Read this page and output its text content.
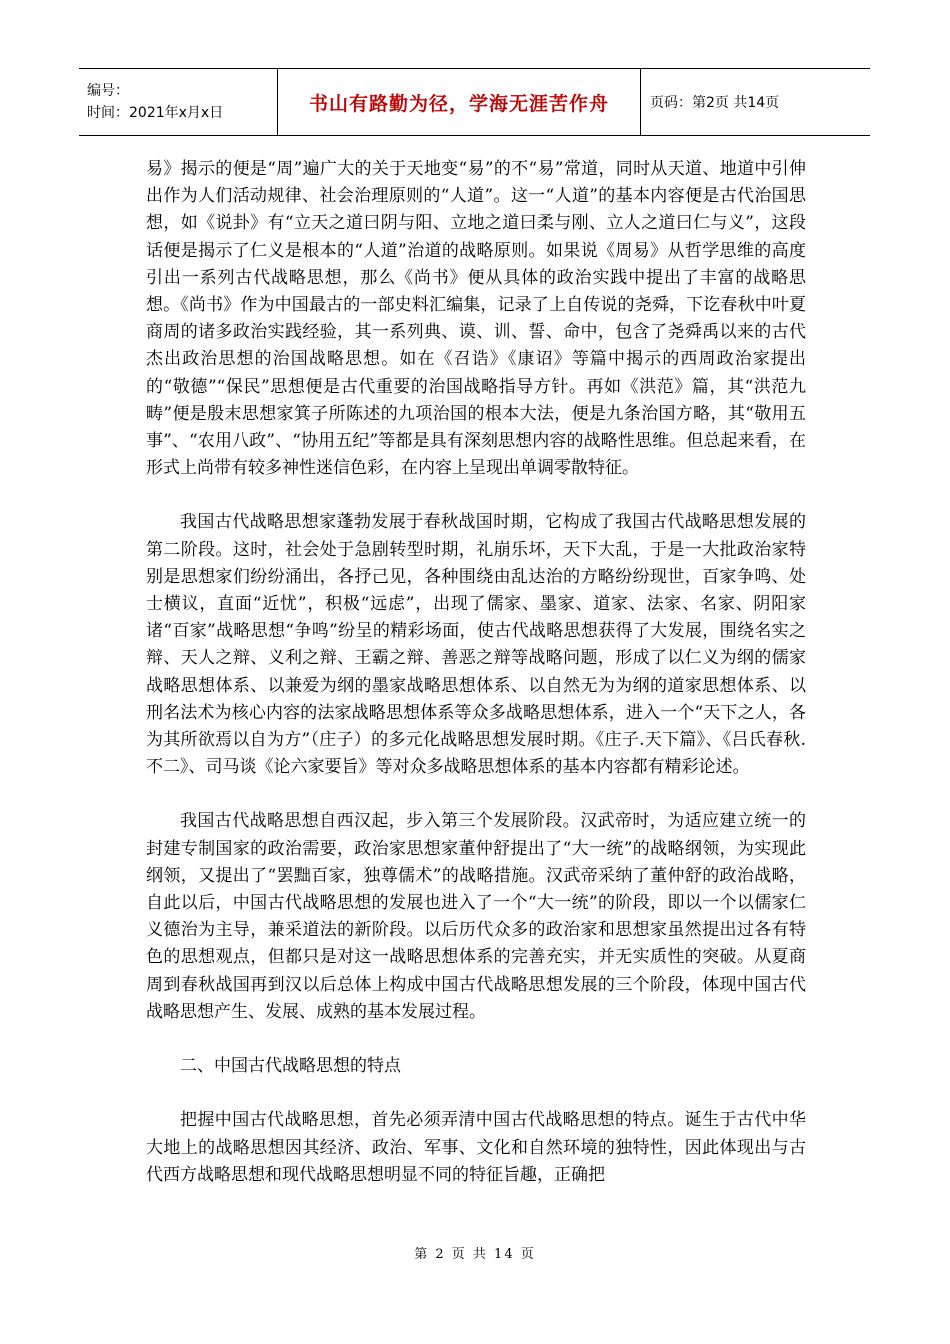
编号：
时间：2021年x月x日	书山有路勤为径，学海无涯苦作舟	页码：第2页 共14页

易》揭示的便是“周”遍广大的关于天地变“易”的不“易”常道，同时从天道、地道中引伸出作为人们活动规律、社会治理原则的“人道”。这一“人道”的基本内容便是古代治国思想，如《说卦》有“立天之道曰阴与阳、立地之道曰柔与刚、立人之道曰仁与义”，这段话便是揭示了仁义是根本的“人道”治道的战略原则。如果说《周易》从哲学思维的高度引出一系列古代战略思想，那么《尚书》便从具体的政治实践中提出了丰富的战略思想。《尚书》作为中国最古的一部史料汇编集，记录了上自传说的尧舜，下讫春秋中叶夏商周的诸多政治实践经验，其一系列典、谟、训、誓、命中，包含了尧舜禹以来的古代杰出政治思想的治国战略思想。如在《召诰》《康诏》等篇中揭示的西周政治家提出的“敬德”“保民”思想便是古代重要的治国战略指导方针。再如《洪范》篇，其“洪范九畴”便是殷末思想家箕子所陈述的九项治国的根本大法，便是九条治国方略，其“敬用五事”、“农用八政”、“协用五纪”等都是具有深刻思想内容的战略性思维。但总起来看，在形式上尚带有较多神性迷信色彩，在内容上呈现出单调零散特征。

我国古代战略思想家蓬勃发展于春秋战国时期，它构成了我国古代战略思想发展的第二阶段。这时，社会处于急剧转型时期，礼崩乐坏，天下大乱，于是一大批政治家特别是思想家们纷纷涌出，各抒己见，各种围绕由乱达治的方略纷纷现世，百家争鸣、处士横议，直面“近忧”，积极“远虑”，出现了儒家、墨家、道家、法家、名家、阴阳家诸“百家”战略思想“争鸣”纷呈的精彩场面，使古代战略思想获得了大发展，围绕名实之辩、天人之辩、义利之辩、王霸之辩、善恶之辩等战略问题，形成了以仁义为纲的儒家战略思想体系、以兼爱为纲的墨家战略思想体系、以自然无为为纲的道家思想体系、以刑名法术为核心内容的法家战略思想体系等众多战略思想体系，进入一个“天下之人，各为其所欲焉以自为方”（庄子）的多元化战略思想发展时期。《庄子.天下篇》、《吕氏春秋.不二》、司马谈《论六家要旨》等对众多战略思想体系的基本内容都有精彩论述。

我国古代战略思想自西汉起，步入第三个发展阶段。汉武帝时，为适应建立统一的封建专制国家的政治需要，政治家思想家董仲舒提出了“大一统”的战略纲领，为实现此纲领，又提出了“罢黜百家，独尊儒术”的战略措施。汉武帝采纳了董仲舒的政治战略，自此以后，中国古代战略思想的发展也进入了一个“大一统”的阶段，即以一个以儒家仁义德治为主导，兼采道法的新阶段。以后历代众多的政治家和思想家虽然提出过各有特色的思想观点，但都只是对这一战略思想体系的完善充实，并无实质性的突破。从夏商周到春秋战国再到汉以后总体上构成中国古代战略思想发展的三个阶段，体现中国古代战略思想产生、发展、成熟的基本发展过程。

二、中国古代战略思想的特点

把握中国古代战略思想，首先必须弄清中国古代战略思想的特点。诞生于古代中华大地上的战略思想因其经济、政治、军事、文化和自然环境的独特性，因此体现出与古代西方战略思想和现代战略思想明显不同的特征旨趣，正确把

第 2 页 共 14 页
